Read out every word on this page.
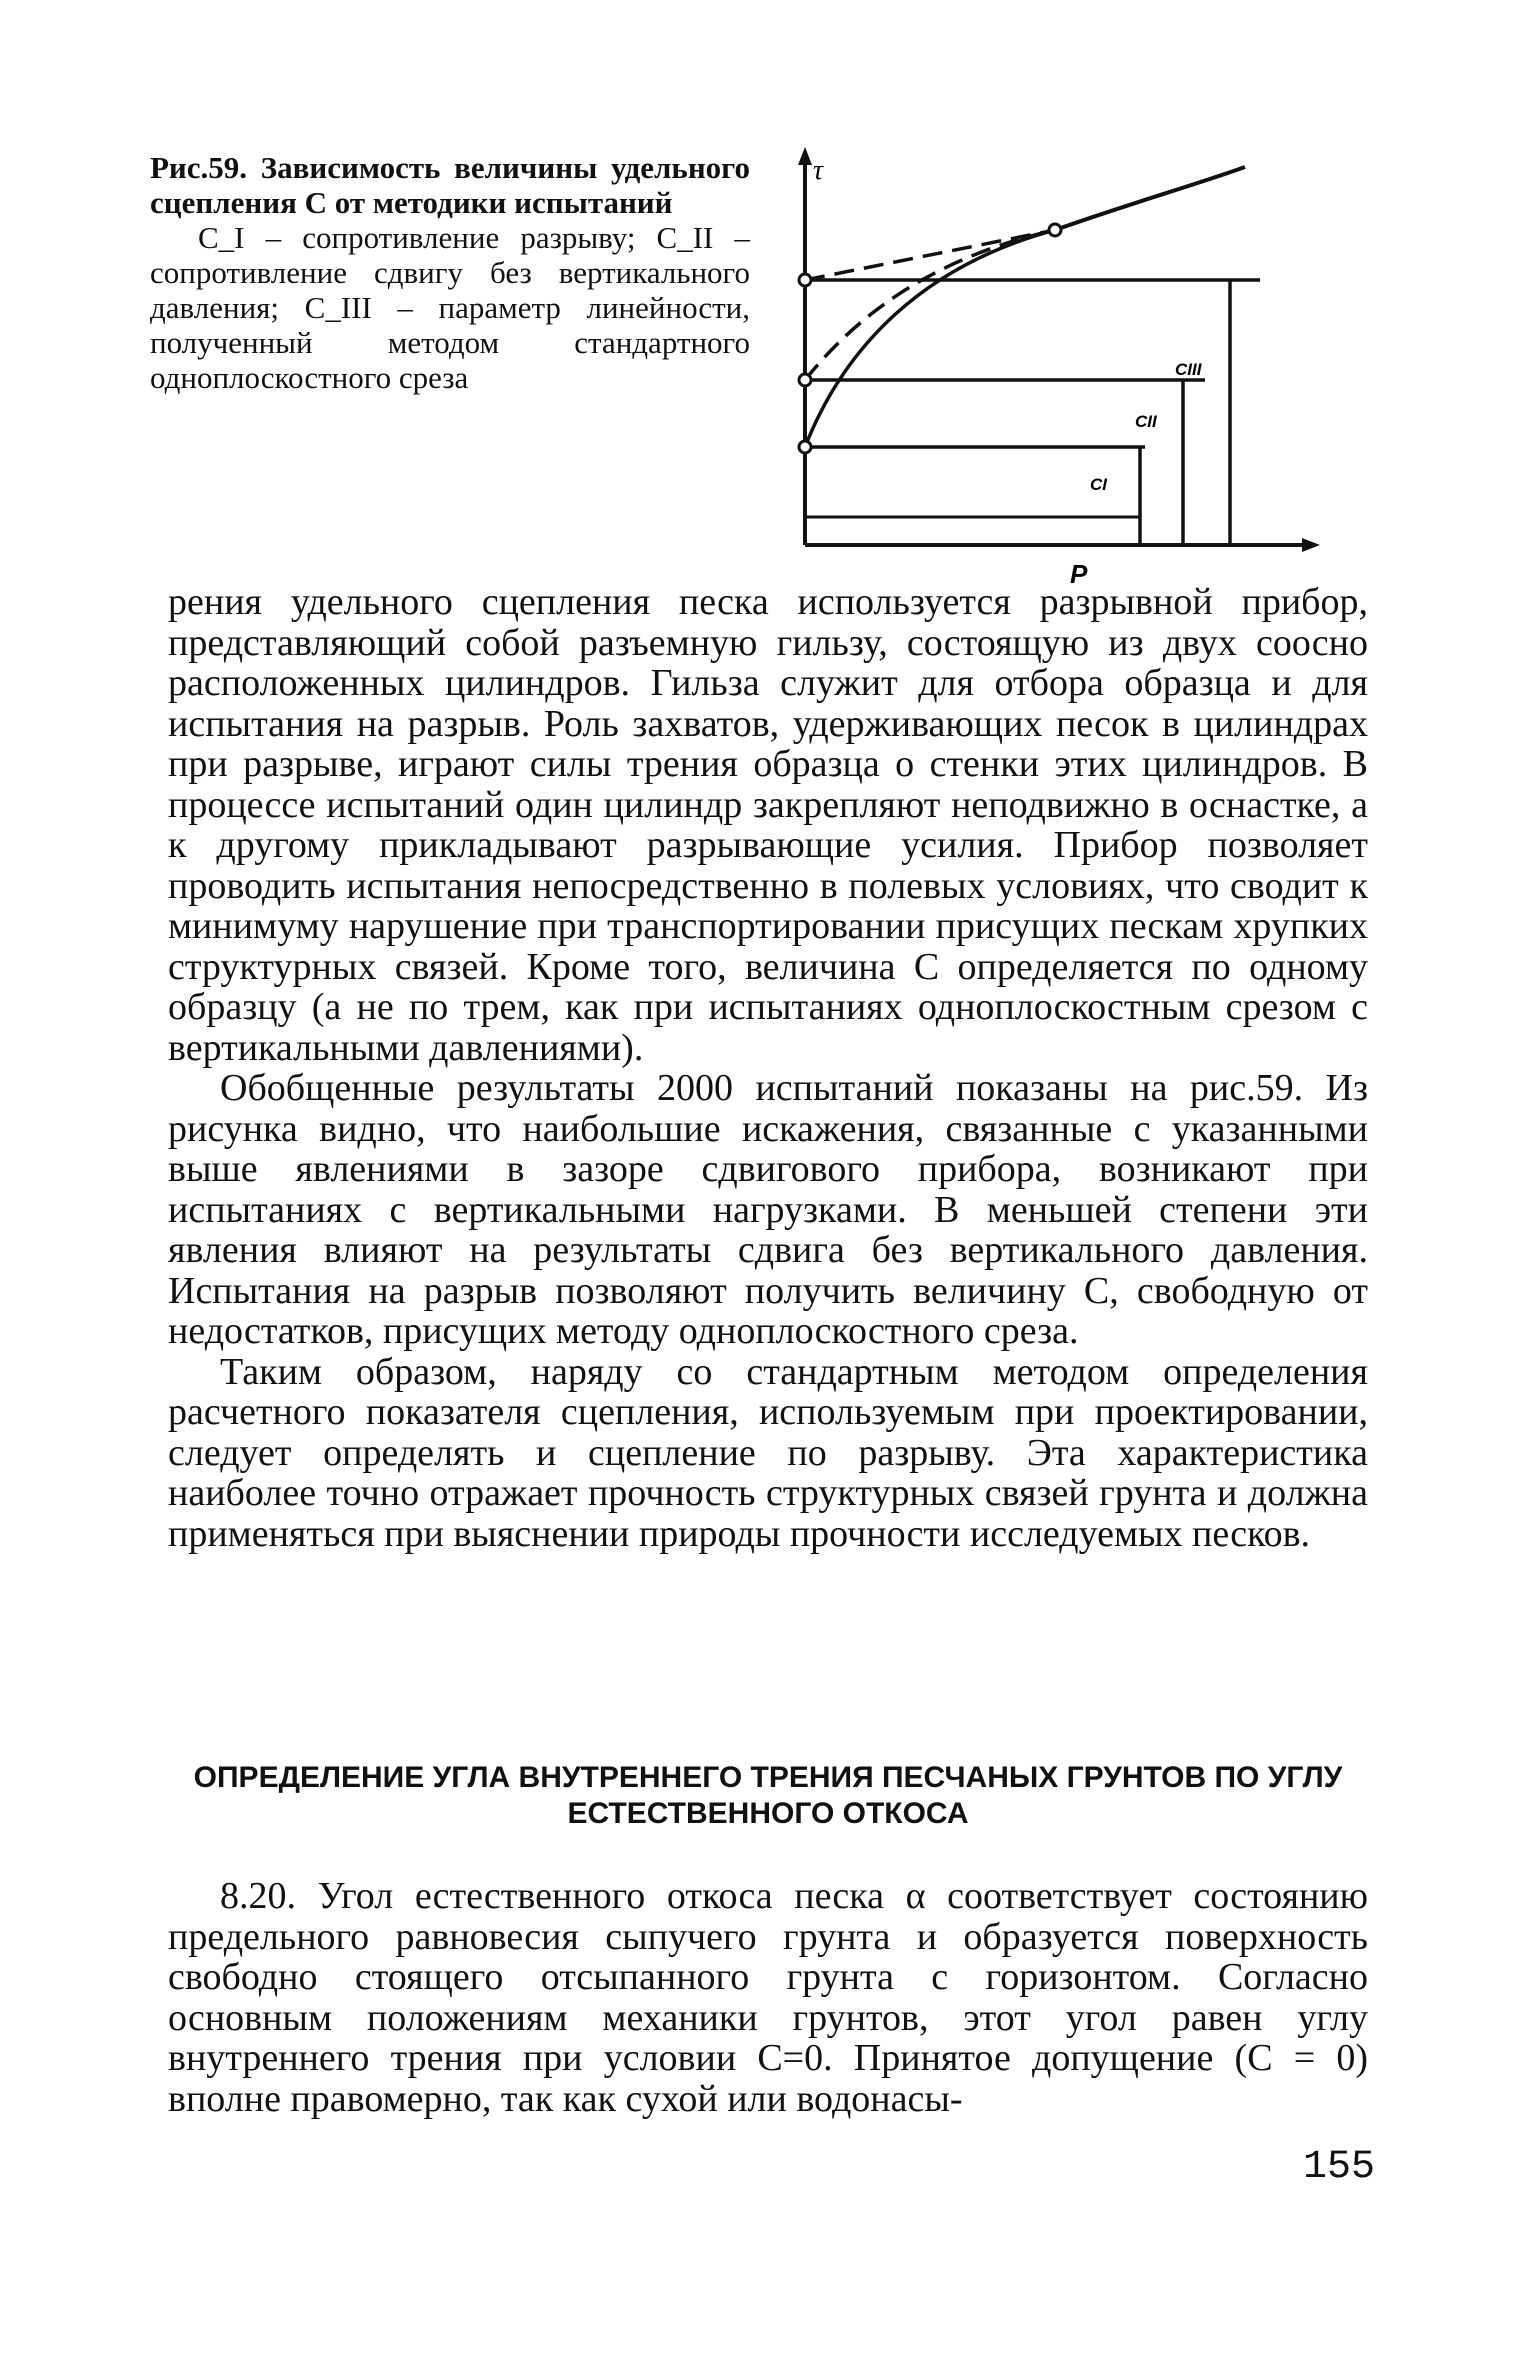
Рис.59. Зависимость величины удельного сцепления С от методики испытаний

C_I – сопротивление разрыву; C_II – сопротивление сдвигу без вертикального давления; C_III – параметр линейности, полученный методом стандартного одноплоскостного среза

τ
P
CIII
CII
CI

рения удельного сцепления песка используется разрывной прибор, представляющий собой разъемную гильзу, состоящую из двух соосно расположенных цилиндров. Гильза служит для отбора образца и для испытания на разрыв. Роль захватов, удерживающих песок в цилиндрах при разрыве, играют силы трения образца о стенки этих цилиндров. В процессе испытаний один цилиндр закрепляют неподвижно в оснастке, а к другому прикладывают разрывающие усилия. Прибор позволяет проводить испытания непосредственно в полевых условиях, что сводит к минимуму нарушение при транспортировании присущих пескам хрупких структурных связей. Кроме того, величина С определяется по одному образцу (а не по трем, как при испытаниях одноплоскостным срезом с вертикальными давлениями).

Обобщенные результаты 2000 испытаний показаны на рис.59. Из рисунка видно, что наибольшие искажения, связанные с указанными выше явлениями в зазоре сдвигового прибора, возникают при испытаниях с вертикальными нагрузками. В меньшей степени эти явления влияют на результаты сдвига без вертикального давления. Испытания на разрыв позволяют получить величину С, свободную от недостатков, присущих методу одноплоскостного среза.

Таким образом, наряду со стандартным методом определения расчетного показателя сцепления, используемым при проектировании, следует определять и сцепление по разрыву. Эта характеристика наиболее точно отражает прочность структурных связей грунта и должна применяться при выяснении природы прочности исследуемых песков.

ОПРЕДЕЛЕНИЕ УГЛА ВНУТРЕННЕГО ТРЕНИЯ ПЕСЧАНЫХ ГРУНТОВ ПО УГЛУ ЕСТЕСТВЕННОГО ОТКОСА

8.20. Угол естественного откоса песка α соответствует состоянию предельного равновесия сыпучего грунта и образуется поверхность свободно стоящего отсыпанного грунта с горизонтом. Согласно основным положениям механики грунтов, этот угол равен углу внутреннего трения при условии С=0. Принятое допущение (С = 0) вполне правомерно, так как сухой или водонасы-

155
